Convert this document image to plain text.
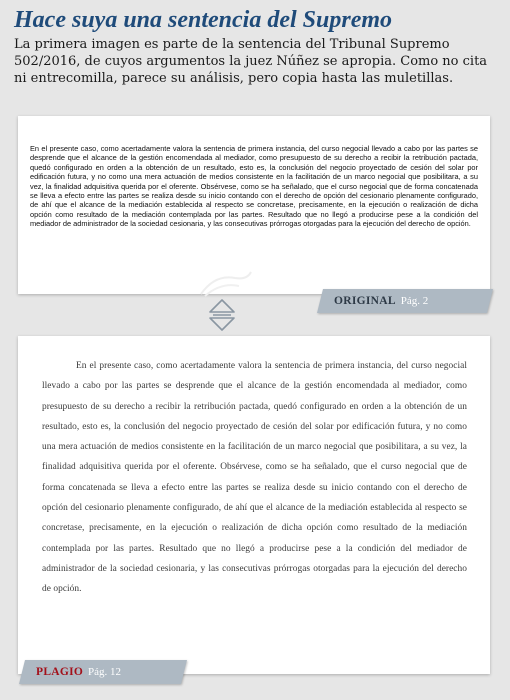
Hace suya una sentencia del Supremo

La primera imagen es parte de la sentencia del Tribunal Supremo
502/2016, de cuyos argumentos la juez Núñez se apropia. Como no cita
ni entrecomilla, parece su análisis, pero copia hasta las muletillas.

En el presente caso, como acertadamente valora la sentencia de primera instancia, del curso negocial llevado a cabo por las partes se desprende que el alcance de la gestión encomendada al mediador, como presupuesto de su derecho a recibir la retribución pactada, quedó configurado en orden a la obtención de un resultado, esto es, la conclusión del negocio proyectado de cesión del solar por edificación futura, y no como una mera actuación de medios consistente en la facilitación de un marco negocial que posibilitara, a su vez, la finalidad adquisitiva querida por el oferente. Obsérvese, como se ha señalado, que el curso negocial que de forma concatenada se lleva a efecto entre las partes se realiza desde su inicio contando con el derecho de opción del cesionario plenamente configurado, de ahí que el alcance de la mediación establecida al respecto se concretase, precisamente, en la ejecución o realización de dicha opción como resultado de la mediación contemplada por las partes. Resultado que no llegó a producirse pese a la condición del mediador de administrador de la sociedad cesionaria, y las consecutivas prórrogas otorgadas para la ejecución del derecho de opción.

ORIGINAL Pág. 2

En el presente caso, como acertadamente valora la sentencia de primera instancia, del curso negocial llevado a cabo por las partes se desprende que el alcance de la gestión encomendada al mediador, como presupuesto de su derecho a recibir la retribución pactada, quedó configurado en orden a la obtención de un resultado, esto es, la conclusión del negocio proyectado de cesión del solar por edificación futura, y no como una mera actuación de medios consistente en la facilitación de un marco negocial que posibilitara, a su vez, la finalidad adquisitiva querida por el oferente. Obsérvese, como se ha señalado, que el curso negocial que de forma concatenada se lleva a efecto entre las partes se realiza desde su inicio contando con el derecho de opción del cesionario plenamente configurado, de ahí que el alcance de la mediación establecida al respecto se concretase, precisamente, en la ejecución o realización de dicha opción como resultado de la mediación contemplada por las partes. Resultado que no llegó a producirse pese a la condición del mediador de administrador de la sociedad cesionaria, y las consecutivas prórrogas otorgadas para la ejecución del derecho de opción.

PLAGIO Pág. 12
